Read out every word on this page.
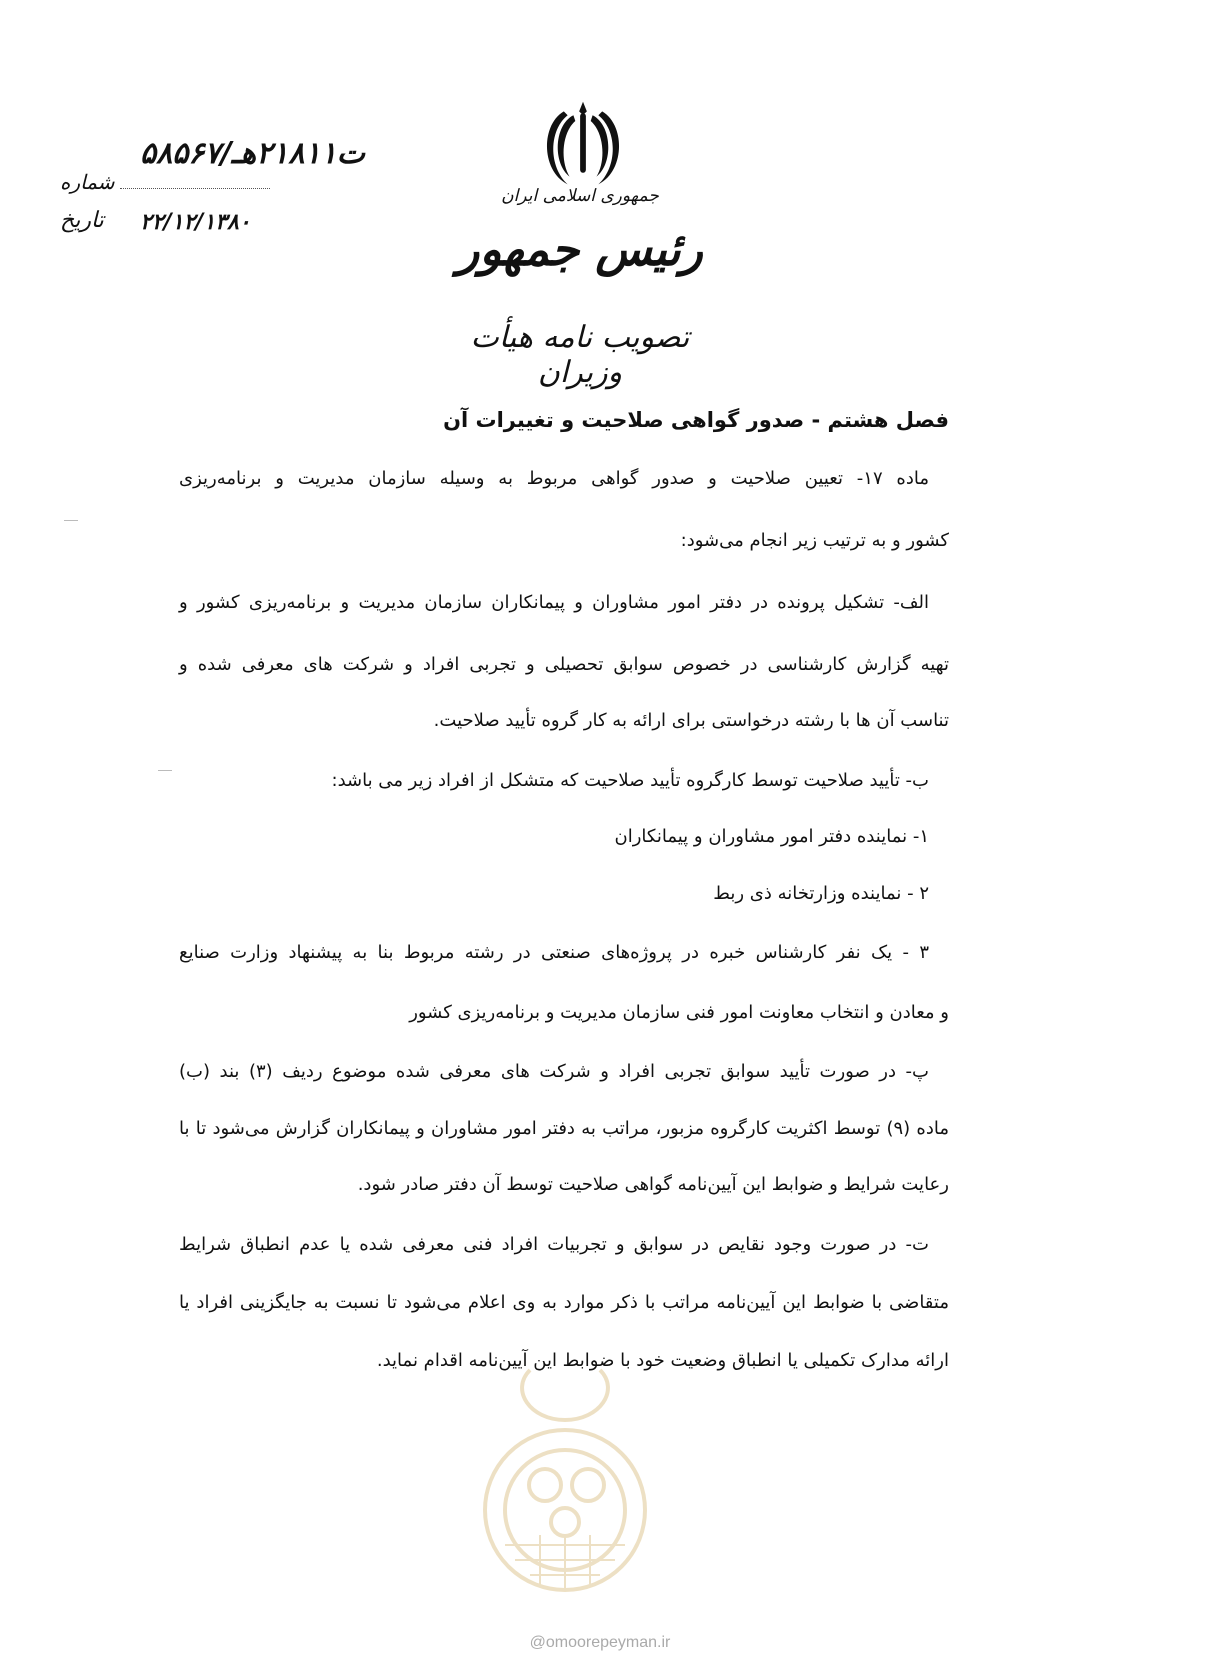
جمهوری اسلامی ایران
رئیس جمهور
تصویب نامه هیأت وزیران
۵۸۵۶۷/ت۲۱۸۱۱هـ
شماره
۲۲/۱۲/۱۳۸۰
تاریخ
فصل هشتم - صدور گواهی صلاحیت و تغییرات آن
ماده ۱۷- تعیین صلاحیت و صدور گواهی مربوط به وسیله سازمان مدیریت و برنامه‌ریزی
کشور و به ترتیب زیر انجام می‌شود:
الف- تشکیل پرونده در دفتر امور مشاوران و پیمانکاران سازمان مدیریت و برنامه‌ریزی کشور و
تهیه گزارش کارشناسی در خصوص سوابق تحصیلی و تجربی افراد و شرکت های معرفی شده و
تناسب آن ها با رشته درخواستی برای ارائه به کار گروه تأیید صلاحیت.
ب- تأیید صلاحیت توسط کارگروه تأیید صلاحیت که متشکل از افراد زیر می باشد:
۱- نماینده دفتر امور مشاوران و پیمانکاران
۲ - نماینده وزارتخانه ذی ربط
۳ - یک نفر کارشناس خبره در پروژه‌های صنعتی در رشته مربوط بنا به پیشنهاد وزارت صنایع
و معادن و انتخاب معاونت امور فنی سازمان مدیریت و برنامه‌ریزی کشور
پ- در صورت تأیید سوابق تجربی افراد و شرکت های معرفی شده موضوع ردیف (۳) بند (ب)
ماده (۹) توسط اکثریت کارگروه مزبور، مراتب به دفتر امور مشاوران و پیمانکاران گزارش می‌شود تا با
رعایت شرایط و ضوابط این آیین‌نامه گواهی صلاحیت توسط آن دفتر صادر شود.
ت- در صورت وجود نقایص در سوابق و تجربیات افراد فنی معرفی شده یا عدم انطباق شرایط
متقاضی با ضوابط این آیین‌نامه مراتب با ذکر موارد به وی اعلام می‌شود تا نسبت به جایگزینی افراد یا
ارائه مدارک تکمیلی یا انطباق وضعیت خود با ضوابط این آیین‌نامه اقدام نماید.
@omoorepeyman.ir
